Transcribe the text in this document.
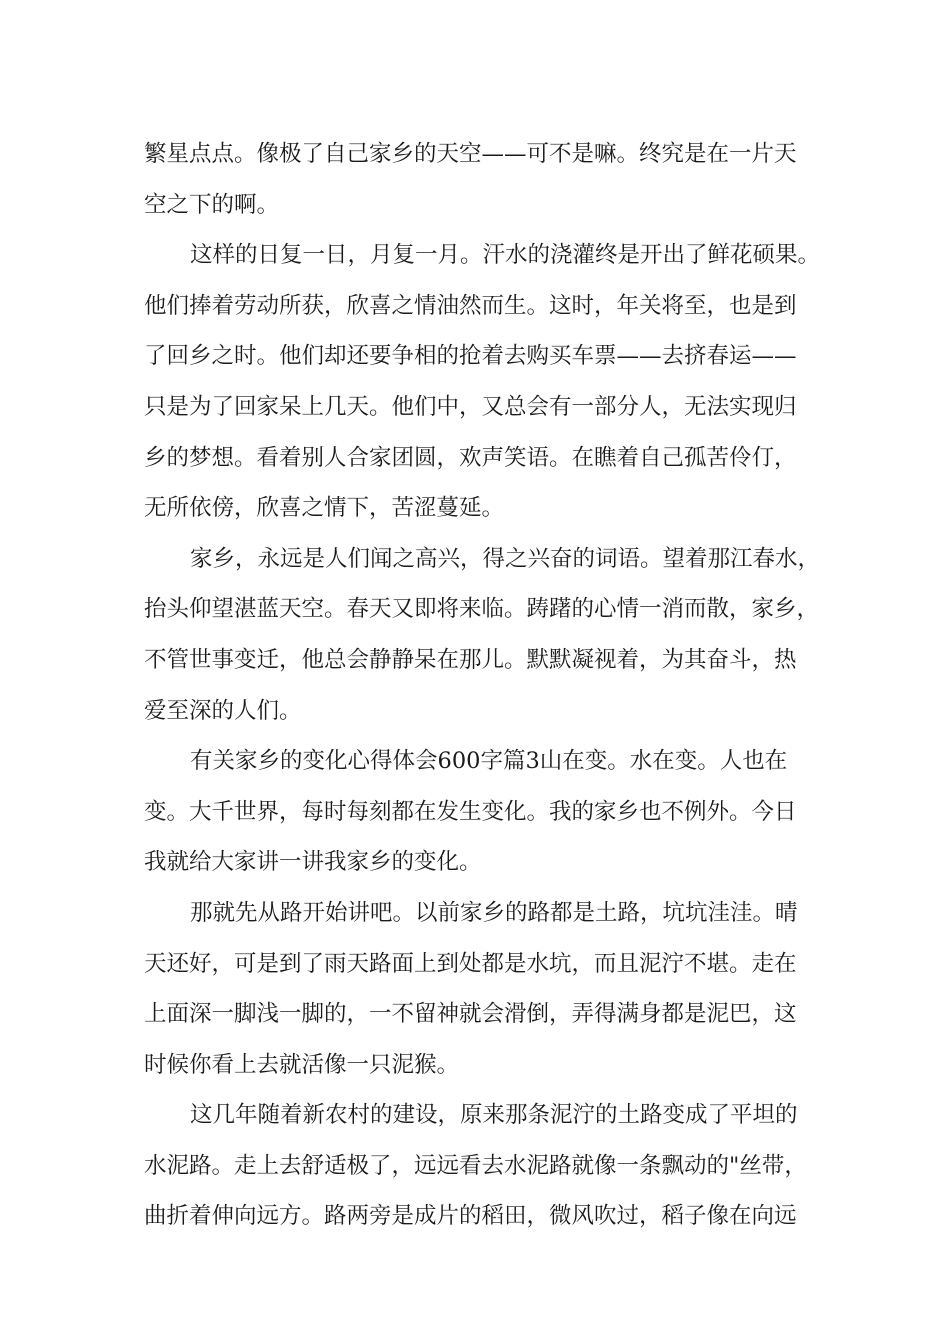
繁星点点。像极了自己家乡的天空——可不是嘛。终究是在一片天
空之下的啊。
这样的日复一日，月复一月。汗水的浇灌终是开出了鲜花硕果。
他们捧着劳动所获，欣喜之情油然而生。这时，年关将至，也是到
了回乡之时。他们却还要争相的抢着去购买车票——去挤春运——
只是为了回家呆上几天。他们中，又总会有一部分人，无法实现归
乡的梦想。看着别人合家团圆，欢声笑语。在瞧着自己孤苦伶仃，
无所依傍，欣喜之情下，苦涩蔓延。
家乡，永远是人们闻之高兴，得之兴奋的词语。望着那江春水，
抬头仰望湛蓝天空。春天又即将来临。踌躇的心情一消而散，家乡，
不管世事变迁，他总会静静呆在那儿。默默凝视着，为其奋斗，热
爱至深的人们。
有关家乡的变化心得体会600字篇3山在变。水在变。人也在
变。大千世界，每时每刻都在发生变化。我的家乡也不例外。今日
我就给大家讲一讲我家乡的变化。
那就先从路开始讲吧。以前家乡的路都是土路，坑坑洼洼。晴
天还好，可是到了雨天路面上到处都是水坑，而且泥泞不堪。走在
上面深一脚浅一脚的，一不留神就会滑倒，弄得满身都是泥巴，这
时候你看上去就活像一只泥猴。
这几年随着新农村的建设，原来那条泥泞的土路变成了平坦的
水泥路。走上去舒适极了，远远看去水泥路就像一条飘动的"丝带，
曲折着伸向远方。路两旁是成片的稻田，微风吹过，稻子像在向远
